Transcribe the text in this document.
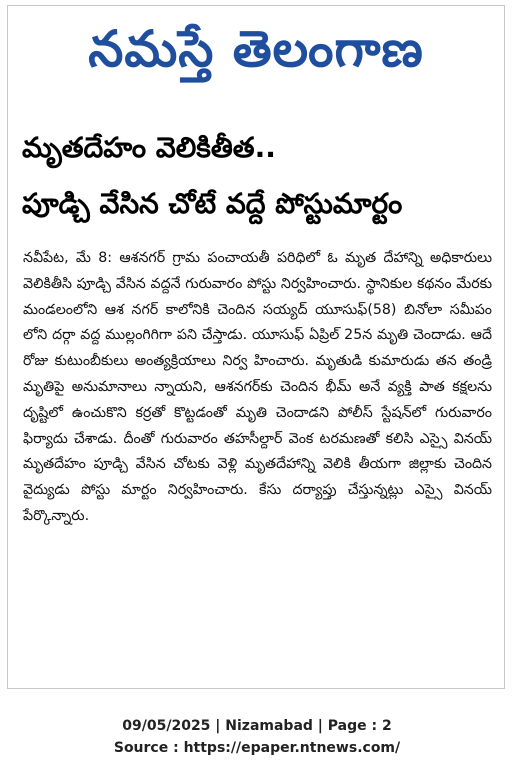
నమస్తే తెలంగాణ
మృతదేహం వెలికితీత..
పూడ్చి వేసిన చోటే వద్దే పోస్టుమార్టం

నవీపేట, మే 8: ఆశనగర్ గ్రామ పంచాయతీ పరిధిలో ఓ మృత దేహాన్ని అధికారులు వెలికితీసి పూడ్చి వేసిన వద్దనే గురువారం పోస్టు నిర్వహించారు. స్థానికుల కథనం మేరకు మండలంలోని ఆశ నగర్ కాలోనికి చెందిన సయ్యద్ యూసుఫ్(58) బినోలా సమీపం లోని దర్గా వద్ద ముల్లంగిగిగా పని చేస్తాడు. యూసుఫ్ ఏప్రిల్ 25న మృతి చెందాడు. ఆదే రోజు కుటుంబీకులు అంత్యక్రియాలు నిర్వ హించారు. మృతుడి కుమారుడు తన తండ్రి మృతిపై అనుమానాలు న్నాయని, ఆశనగర్‌కు చెందిన భీమ్ అనే వ్యక్తి పాత కక్షలను దృష్టిలో ఉంచుకొని కర్రతో కొట్టడంతో మృతి చెందాడని పోలీస్ స్టేషన్‌లో గురువారం ఫిర్యాదు చేశాడు. దీంతో గురువారం తహసీల్దార్ వెంక టరమణతో కలిసి ఎస్సై వినయ్ మృతదేహం పూడ్చి వేసిన చోటకు వెళ్లి మృతదేహాన్ని వెలికి తీయగా జిల్లాకు చెందిన వైద్యుడు పోస్టు మార్టం నిర్వహించారు. కేసు దర్యాప్తు చేస్తున్నట్లు ఎస్సై వినయ్ పేర్కొన్నారు.

09/05/2025 | Nizamabad | Page : 2
Source : https://epaper.ntnews.com/
